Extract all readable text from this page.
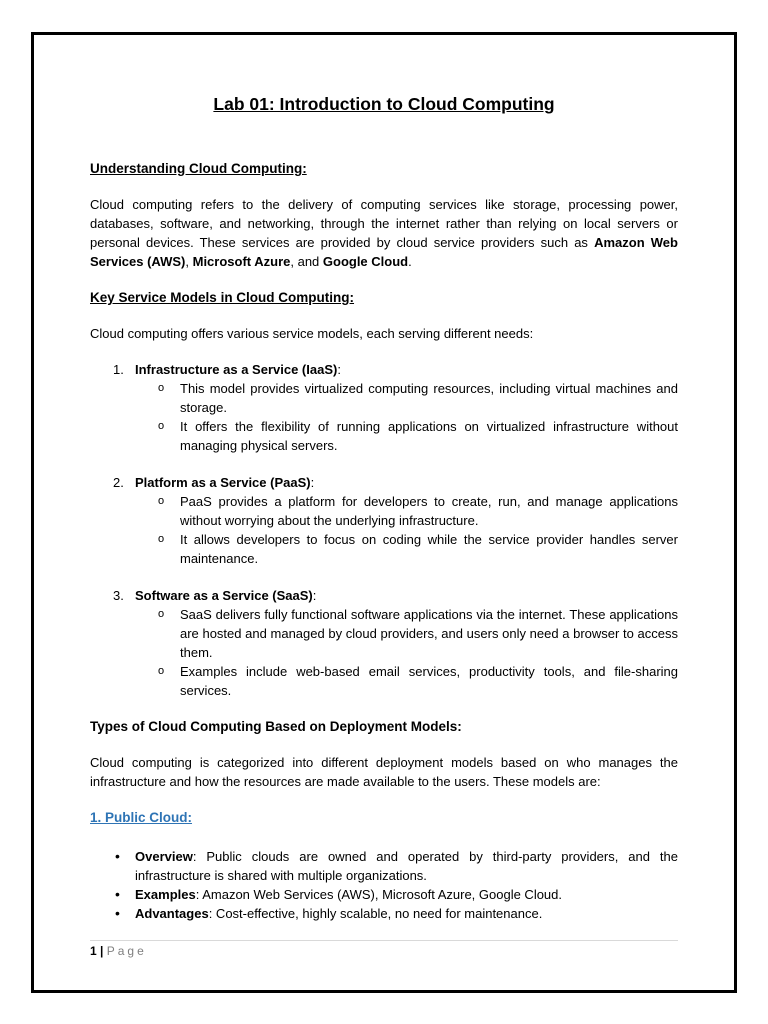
Lab 01: Introduction to Cloud Computing
Understanding Cloud Computing:

Cloud computing refers to the delivery of computing services like storage, processing power, databases, software, and networking, through the internet rather than relying on local servers or personal devices. These services are provided by cloud service providers such as Amazon Web Services (AWS), Microsoft Azure, and Google Cloud.

Key Service Models in Cloud Computing:

Cloud computing offers various service models, each serving different needs:

1. Infrastructure as a Service (IaaS):
o This model provides virtualized computing resources, including virtual machines and storage.
o It offers the flexibility of running applications on virtualized infrastructure without managing physical servers.
2. Platform as a Service (PaaS):
o PaaS provides a platform for developers to create, run, and manage applications without worrying about the underlying infrastructure.
o It allows developers to focus on coding while the service provider handles server maintenance.
3. Software as a Service (SaaS):
o SaaS delivers fully functional software applications via the internet. These applications are hosted and managed by cloud providers, and users only need a browser to access them.
o Examples include web-based email services, productivity tools, and file-sharing services.
Types of Cloud Computing Based on Deployment Models:

Cloud computing is categorized into different deployment models based on who manages the infrastructure and how the resources are made available to the users. These models are:

1. Public Cloud:
• Overview: Public clouds are owned and operated by third-party providers, and the infrastructure is shared with multiple organizations.
• Examples: Amazon Web Services (AWS), Microsoft Azure, Google Cloud.
• Advantages: Cost-effective, highly scalable, no need for maintenance.
1 | Page
